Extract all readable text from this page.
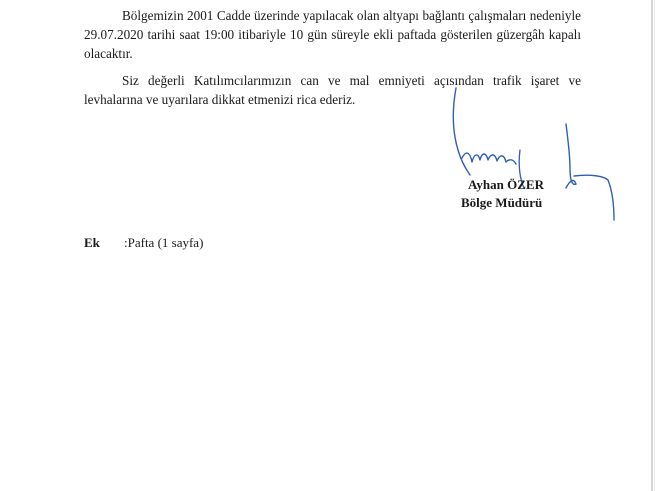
Bölgemizin 2001 Cadde üzerinde yapılacak olan altyapı bağlantı çalışmaları nedeniyle 29.07.2020 tarihi saat 19:00 itibariyle 10 gün süreyle ekli paftada gösterilen güzergâh kapalı olacaktır.

Siz değerli Katılımcılarımızın can ve mal emniyeti açısından trafik işaret ve levhalarına ve uyarılara dikkat etmenizi rica ederiz.

Ayhan ÖZER
Bölge Müdürü
Ek :Pafta (1 sayfa)
